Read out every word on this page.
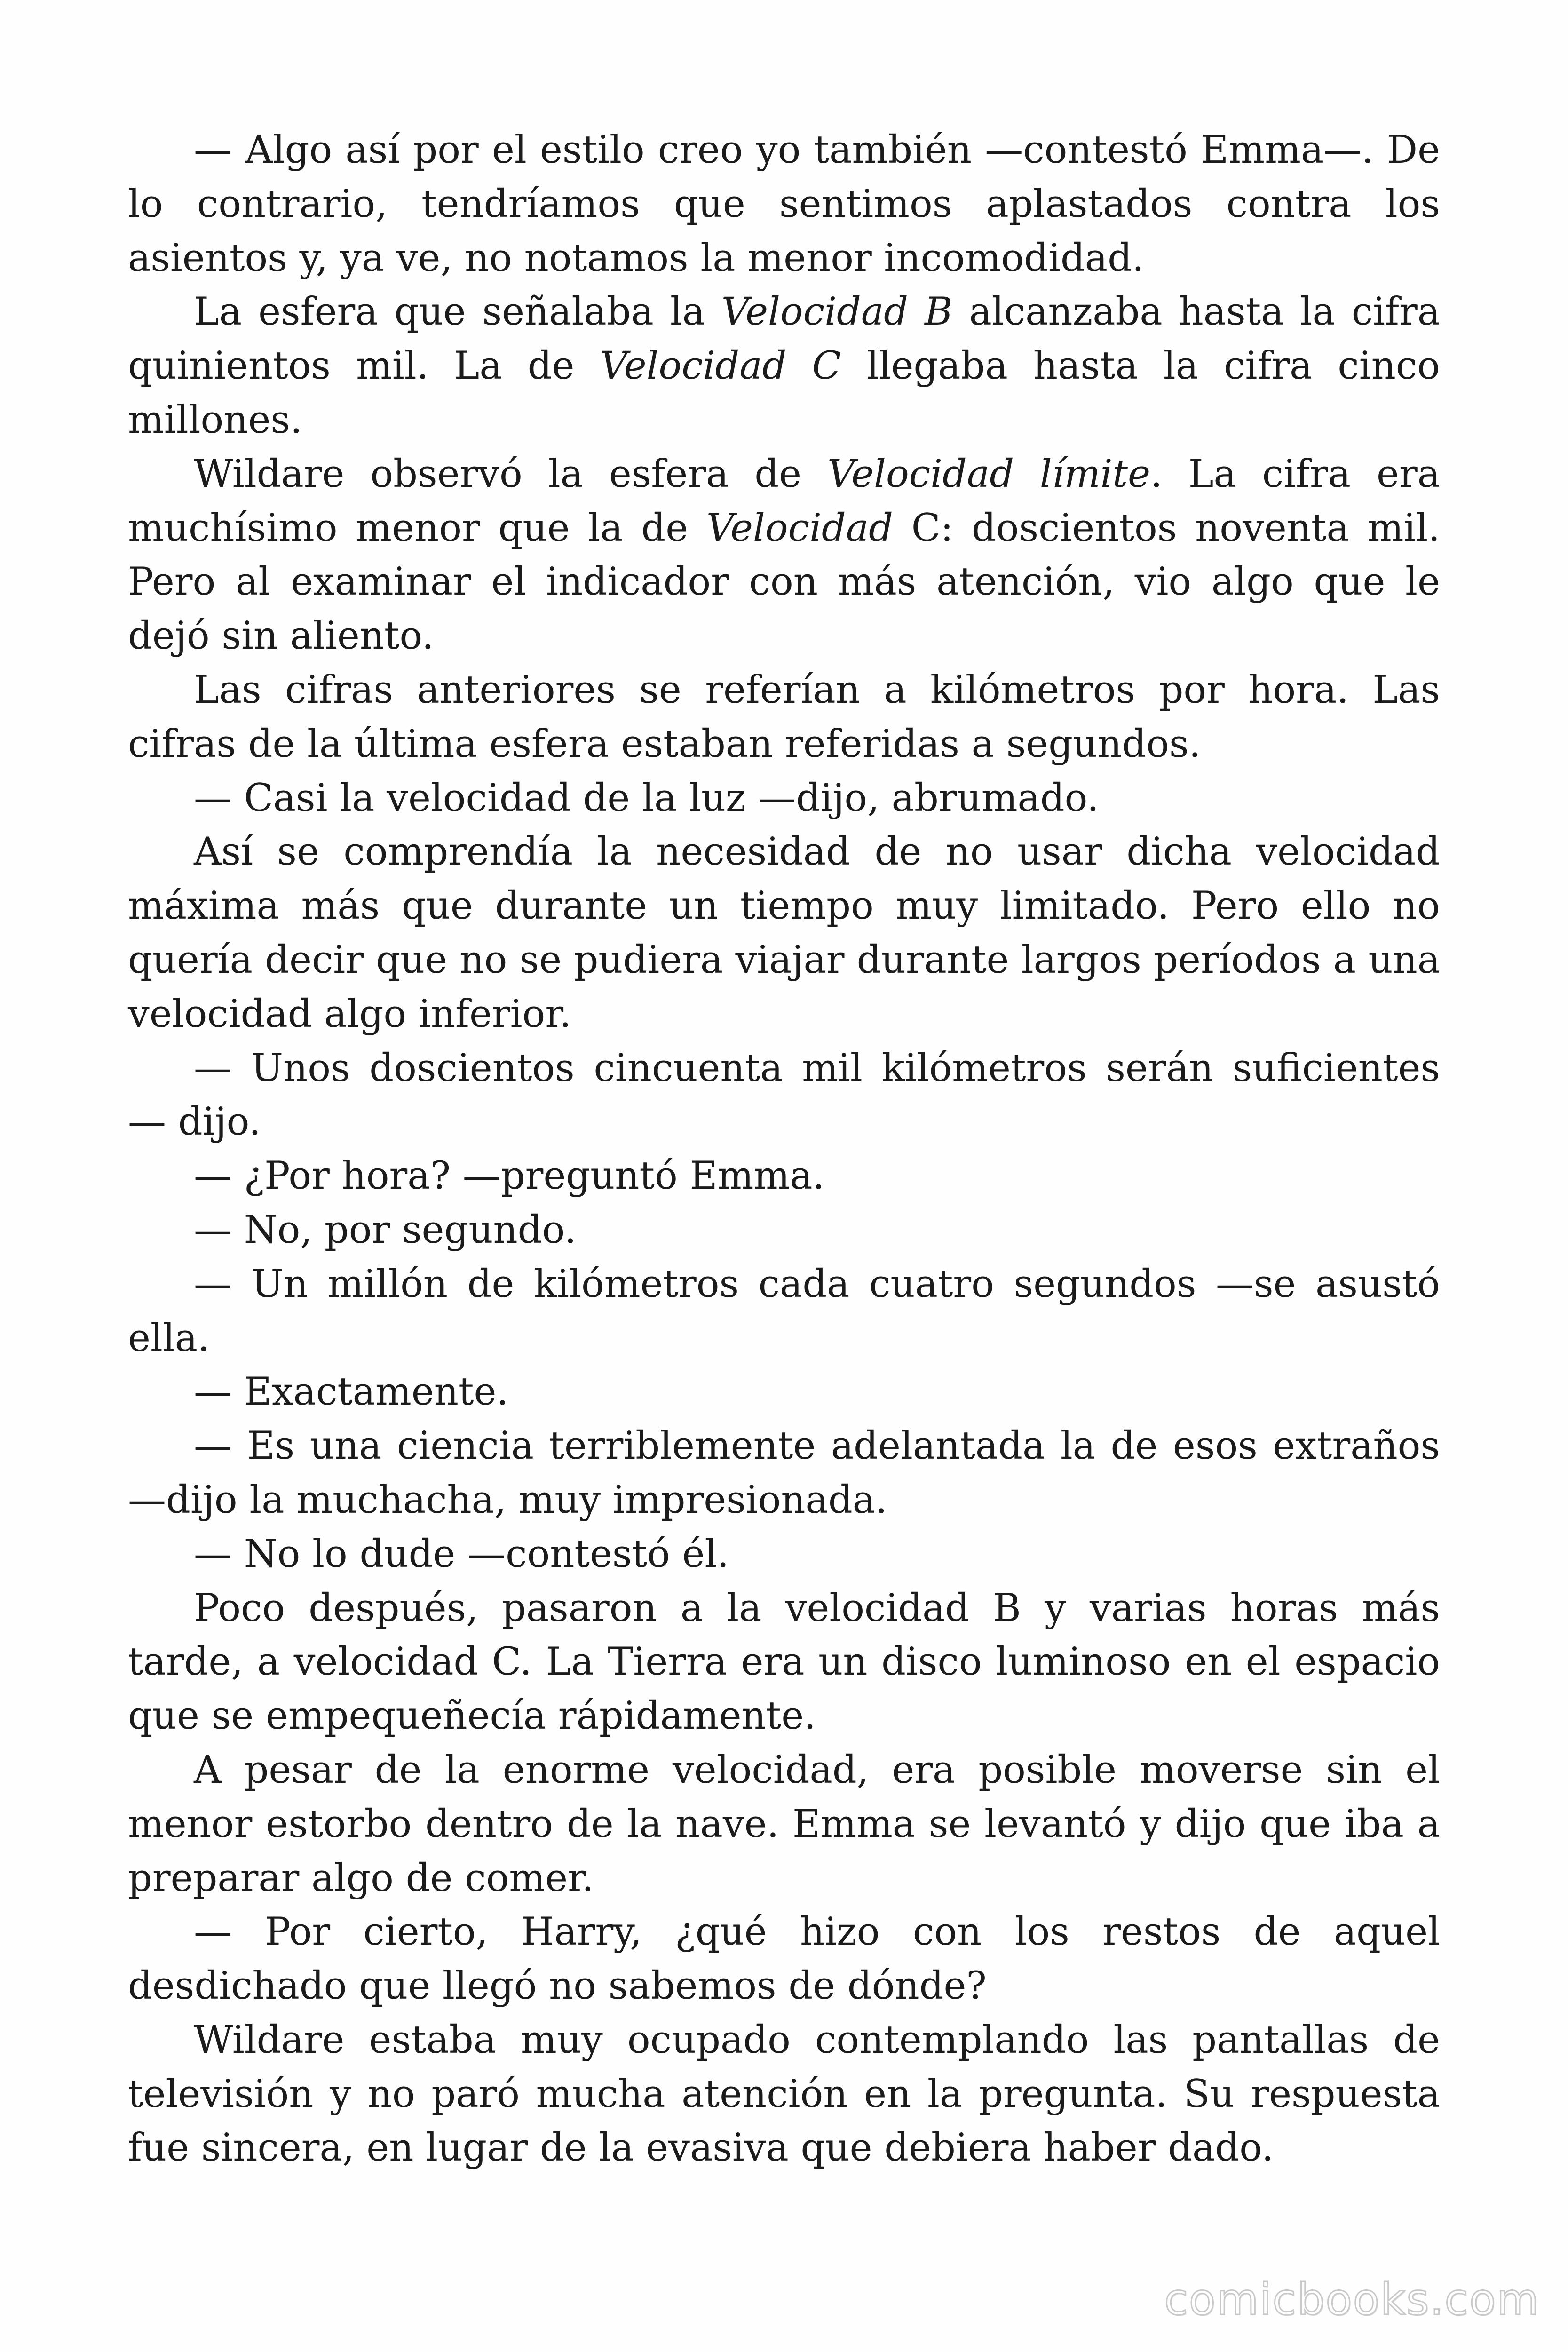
— Algo así por el estilo creo yo también —contestó Emma—. De lo contrario, tendríamos que sentimos aplastados contra los asientos y, ya ve, no notamos la menor incomodidad.

La esfera que señalaba la Velocidad B alcanzaba hasta la cifra quinientos mil. La de Velocidad C llegaba hasta la cifra cinco millones.

Wildare observó la esfera de Velocidad límite. La cifra era muchísimo menor que la de Velocidad C: doscientos noventa mil. Pero al examinar el indicador con más atención, vio algo que le dejó sin aliento.

Las cifras anteriores se referían a kilómetros por hora. Las cifras de la última esfera estaban referidas a segundos.

— Casi la velocidad de la luz —dijo, abrumado.

Así se comprendía la necesidad de no usar dicha velocidad máxima más que durante un tiempo muy limitado. Pero ello no quería decir que no se pudiera viajar durante largos períodos a una velocidad algo inferior.

— Unos doscientos cincuenta mil kilómetros serán suficientes — dijo.

— ¿Por hora? —preguntó Emma.

— No, por segundo.

— Un millón de kilómetros cada cuatro segundos —se asustó ella.

— Exactamente.

— Es una ciencia terriblemente adelantada la de esos extraños —dijo la muchacha, muy impresionada.

— No lo dude —contestó él.

Poco después, pasaron a la velocidad B y varias horas más tarde, a velocidad C. La Tierra era un disco luminoso en el espacio que se empequeñecía rápidamente.

A pesar de la enorme velocidad, era posible moverse sin el menor estorbo dentro de la nave. Emma se levantó y dijo que iba a preparar algo de comer.

— Por cierto, Harry, ¿qué hizo con los restos de aquel desdichado que llegó no sabemos de dónde?

Wildare estaba muy ocupado contemplando las pantallas de televisión y no paró mucha atención en la pregunta. Su respuesta fue sincera, en lugar de la evasiva que debiera haber dado.

comicbooks.com
